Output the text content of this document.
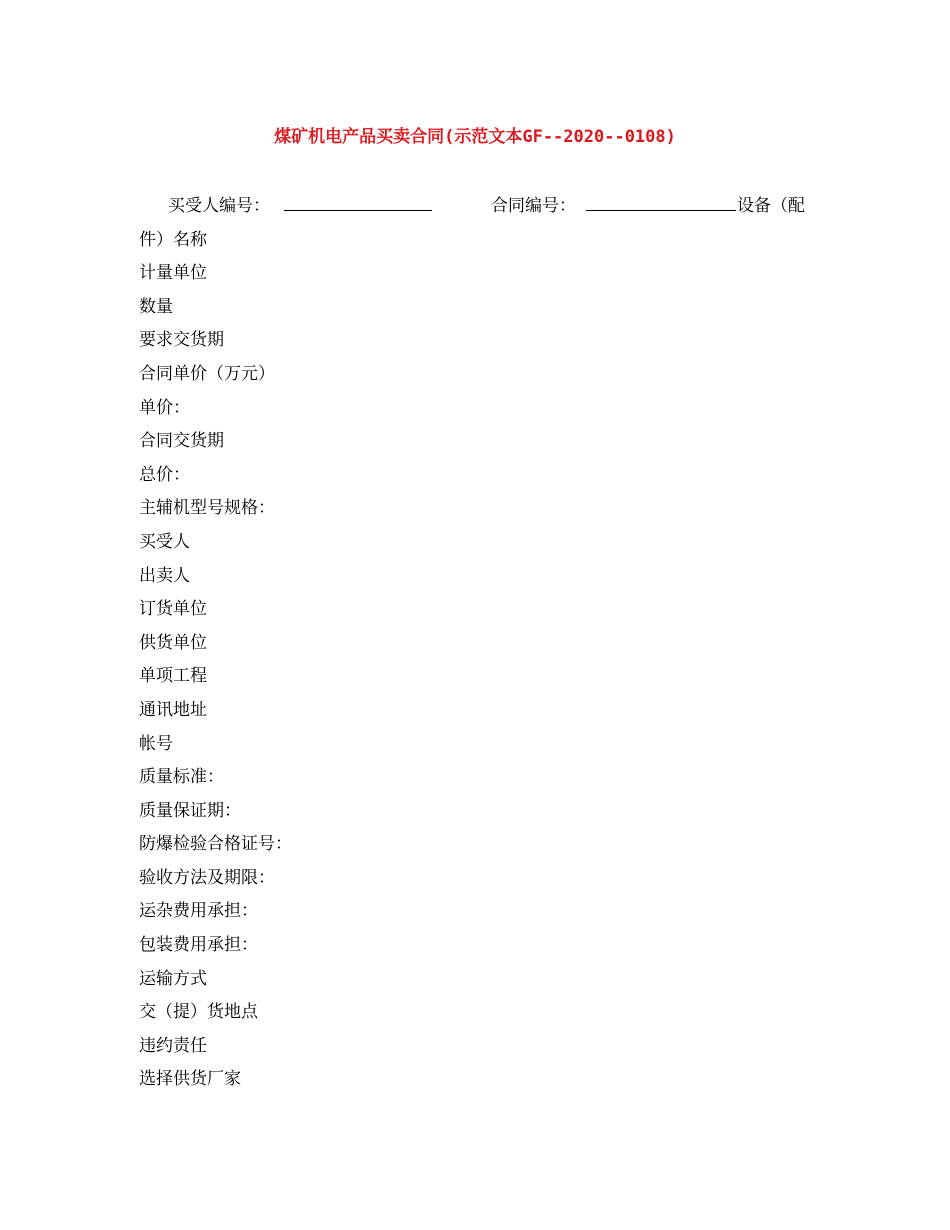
煤矿机电产品买卖合同(示范文本GF--2020--0108)
买受人编号：	合同编号：	设备（配
件）名称
计量单位
数量
要求交货期
合同单价（万元）
单价：
合同交货期
总价：
主辅机型号规格：
买受人
出卖人
订货单位
供货单位
单项工程
通讯地址
帐号
质量标准：
质量保证期：
防爆检验合格证号：
验收方法及期限：
运杂费用承担：
包装费用承担：
运输方式
交（提）货地点
违约责任
选择供货厂家
